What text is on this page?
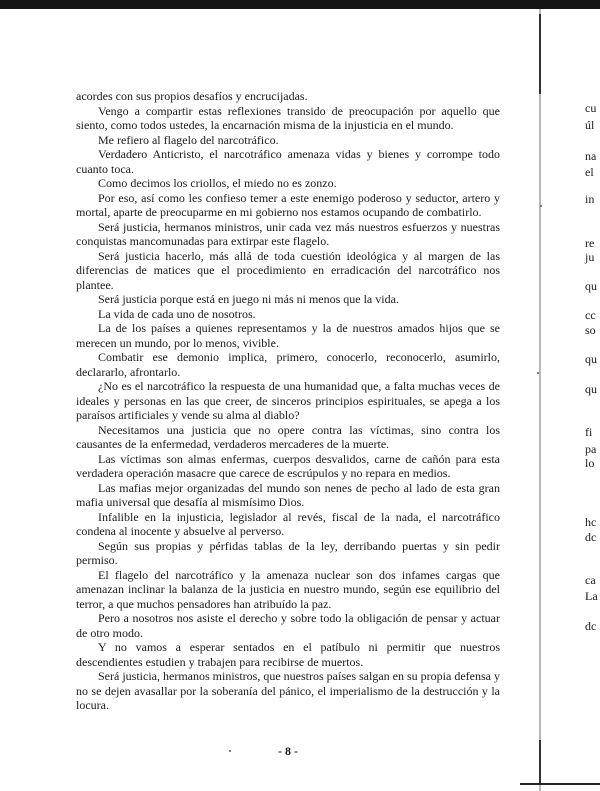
acordes con sus propios desafíos y encrucijadas.

Vengo a compartir estas reflexiones transido de preocupación por aquello que siento, como todos ustedes, la encarnación misma de la injusticia en el mundo.

Me refiero al flagelo del narcotráfico.

Verdadero Anticristo, el narcotráfico amenaza vidas y bienes y corrompe todo cuanto toca.

Como decimos los criollos, el miedo no es zonzo.

Por eso, así como les confieso temer a este enemigo poderoso y seductor, artero y mortal, aparte de preocuparme en mi gobierno nos estamos ocupando de combatirlo.

Será justicia, hermanos ministros, unir cada vez más nuestros esfuerzos y nuestras conquistas mancomunadas para extirpar este flagelo.

Será justicia hacerlo, más allá de toda cuestión ideológica y al margen de las diferencias de matices que el procedimiento en erradicación del narcotráfico nos plantee.

Será justicia porque está en juego ni más ni menos que la vida.

La vida de cada uno de nosotros.

La de los países a quienes representamos y la de nuestros amados hijos que se merecen un mundo, por lo menos, vivible.

Combatir ese demonio implica, primero, conocerlo, reconocerlo, asumirlo, declararlo, afrontarlo.

¿No es el narcotráfico la respuesta de una humanidad que, a falta muchas veces de ideales y personas en las que creer, de sinceros principios espirituales, se apega a los paraísos artificiales y vende su alma al diablo?

Necesitamos una justicia que no opere contra las víctimas, sino contra los causantes de la enfermedad, verdaderos mercaderes de la muerte.

Las víctimas son almas enfermas, cuerpos desvalidos, carne de cañón para esta verdadera operación masacre que carece de escrúpulos y no repara en medios.

Las mafias mejor organizadas del mundo son nenes de pecho al lado de esta gran mafia universal que desafía al mismísimo Dios.

Infalible en la injusticia, legislador al revés, fiscal de la nada, el narcotráfico condena al inocente y absuelve al perverso.

Según sus propias y pérfidas tablas de la ley, derribando puertas y sin pedir permiso.

El flagelo del narcotráfico y la amenaza nuclear son dos infames cargas que amenazan inclinar la balanza de la justicia en nuestro mundo, según ese equilibrio del terror, a que muchos pensadores han atribuído la paz.

Pero a nosotros nos asiste el derecho y sobre todo la obligación de pensar y actuar de otro modo.

Y no vamos a esperar sentados en el patíbulo ni permitir que nuestros descendientes estudien y trabajen para recibirse de muertos.

Será justicia, hermanos ministros, que nuestros países salgan en su propia defensa y no se dejen avasallar por la soberanía del pánico, el imperialismo de la destrucción y la locura.

- 8 -
cu
úl
na
el
in
re
ju
qu
cc
so
qu
qu
fi
pa
lo
hc
dc
ca
La
dc
